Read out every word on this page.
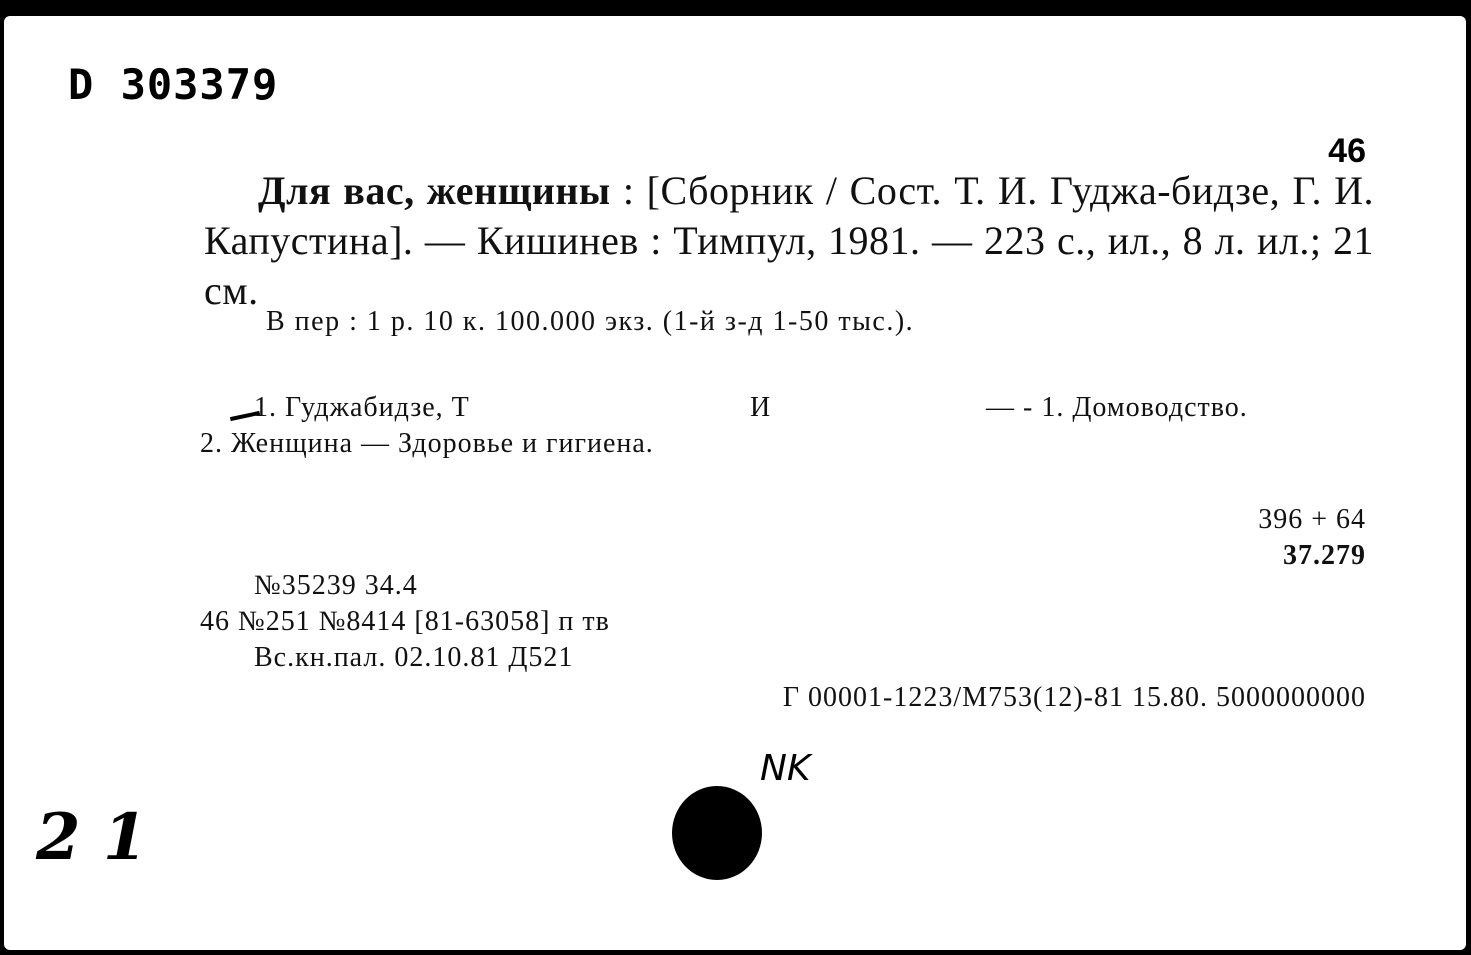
D 303379
46
Для вас, женщины : [Сборник / Сост. Т. И. Гуджа-бидзе, Г. И. Капустина]. — Кишинев : Тимпул, 1981. — 223 с., ил., 8 л. ил.; 21 см.
В пер : 1 р. 10 к. 100.000 экз. (1-й з-д 1-50 тыс.).
1. Гуджабидзе, Т	И	— - 1. Домоводство.
2. Женщина — Здоровье и гигиена.
396 + 64
37.279
№35239 34.4
46 №251 №8414 [81-63058] п тв
Вс.кн.пал. 02.10.81 Д521
Г 00001-1223/М753(12)-81 15.80. 5000000000
NK
2 1
